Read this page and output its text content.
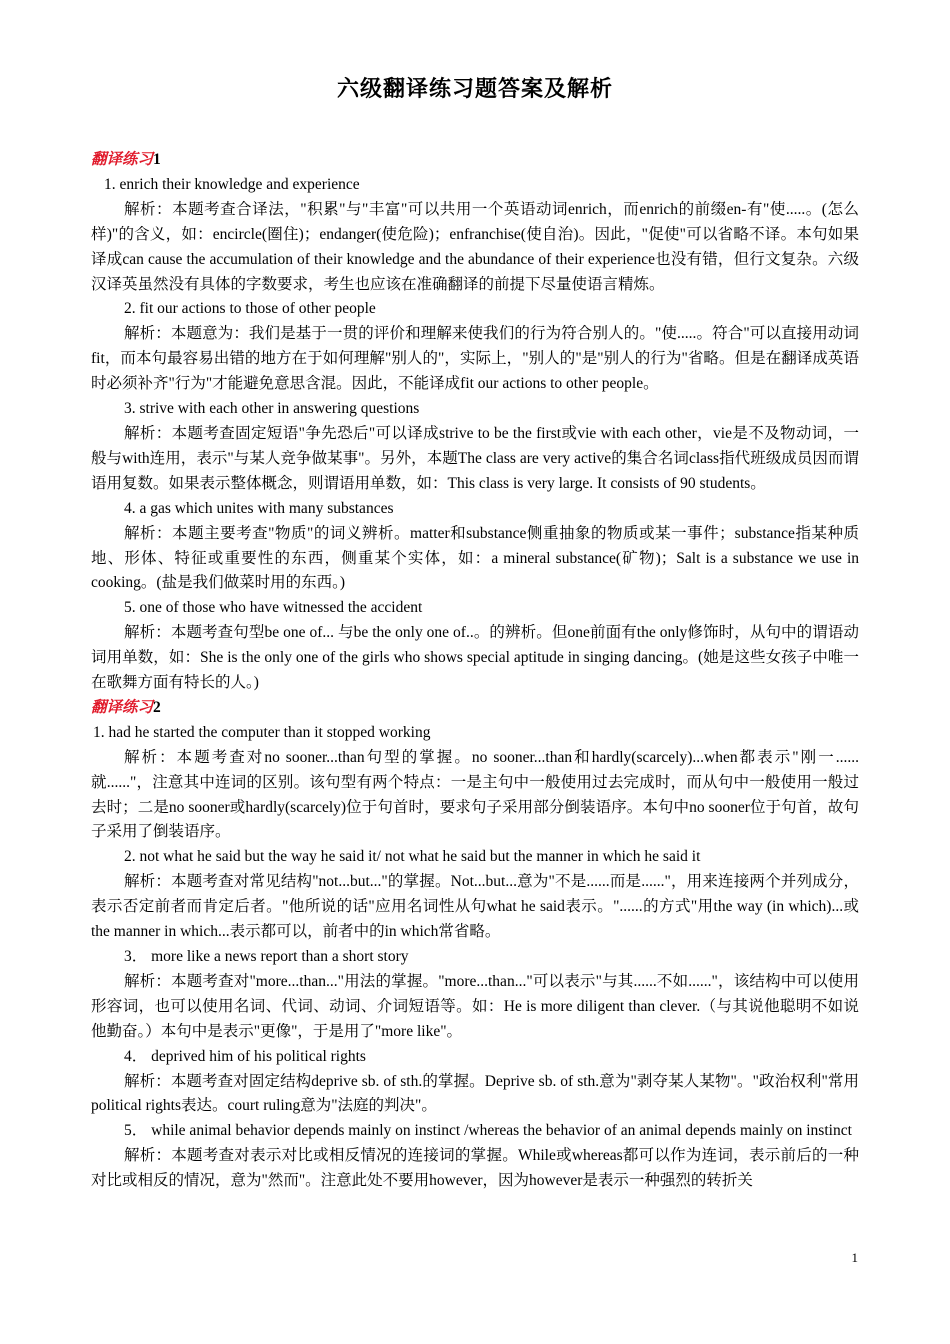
六级翻译练习题答案及解析

翻译练习1

1. enrich their knowledge and experience

解析：本题考查合译法，"积累"与"丰富"可以共用一个英语动词enrich，而enrich的前缀en-有"使.....。(怎么样)"的含义，如：encircle(圈住)；endanger(使危险)；enfranchise(使自治)。因此，"促使"可以省略不译。本句如果译成can cause the accumulation of their knowledge and the abundance of their experience也没有错，但行文复杂。六级汉译英虽然没有具体的字数要求，考生也应该在准确翻译的前提下尽量使语言精炼。

2. fit our actions to those of other people

解析：本题意为：我们是基于一贯的评价和理解来使我们的行为符合别人的。"使.....。符合"可以直接用动词fit，而本句最容易出错的地方在于如何理解"别人的"，实际上，"别人的"是"别人的行为"省略。但是在翻译成英语时必须补齐"行为"才能避免意思含混。因此，不能译成fit our actions to other people。

3. strive with each other in answering questions

解析：本题考查固定短语"争先恐后"可以译成strive to be the first或vie with each other，vie是不及物动词，一般与with连用，表示"与某人竞争做某事"。另外，本题The class are very active的集合名词class指代班级成员因而谓语用复数。如果表示整体概念，则谓语用单数，如：This class is very large. It consists of 90 students。

4. a gas which unites with many substances

解析：本题主要考查"物质"的词义辨析。matter和substance侧重抽象的物质或某一事件；substance指某种质地、形体、特征或重要性的东西，侧重某个实体，如：a mineral substance(矿物)；Salt is a substance we use in cooking。(盐是我们做菜时用的东西。)

5. one of those who have witnessed the accident

解析：本题考查句型be one of... 与be the only one of..。的辨析。但one前面有the only修饰时，从句中的谓语动词用单数，如：She is the only one of the girls who shows special aptitude in singing dancing。(她是这些女孩子中唯一在歌舞方面有特长的人。)

翻译练习2

1. had he started the computer than it stopped working

解析：本题考查对no sooner...than句型的掌握。no sooner...than和hardly(scarcely)...when都表示"刚一......就......"，注意其中连词的区别。该句型有两个特点：一是主句中一般使用过去完成时，而从句中一般使用一般过去时；二是no sooner或hardly(scarcely)位于句首时，要求句子采用部分倒装语序。本句中no sooner位于句首，故句子采用了倒装语序。

2. not what he said but the way he said it/ not what he said but the manner in which he said it

解析：本题考查对常见结构"not...but..."的掌握。Not...but...意为"不是......而是......"，用来连接两个并列成分，表示否定前者而肯定后者。"他所说的话"应用名词性从句what he said表示。"......的方式"用the way (in which)...或the manner in which...表示都可以，前者中的in which常省略。

3． more like a news report than a short story

解析：本题考查对"more...than..."用法的掌握。"more...than..."可以表示"与其......不如......"，该结构中可以使用形容词，也可以使用名词、代词、动词、介词短语等。如：He is more diligent than clever.（与其说他聪明不如说他勤奋。）本句中是表示"更像"，于是用了"more like"。

4． deprived him of his political rights

解析：本题考查对固定结构deprive sb. of sth.的掌握。Deprive sb. of sth.意为"剥夺某人某物"。"政治权利"常用political rights表达。court ruling意为"法庭的判决"。

5． while animal behavior depends mainly on instinct /whereas the behavior of an animal depends mainly on instinct

解析：本题考查对表示对比或相反情况的连接词的掌握。While或whereas都可以作为连词，表示前后的一种对比或相反的情况，意为"然而"。注意此处不要用however，因为however是表示一种强烈的转折关

1
